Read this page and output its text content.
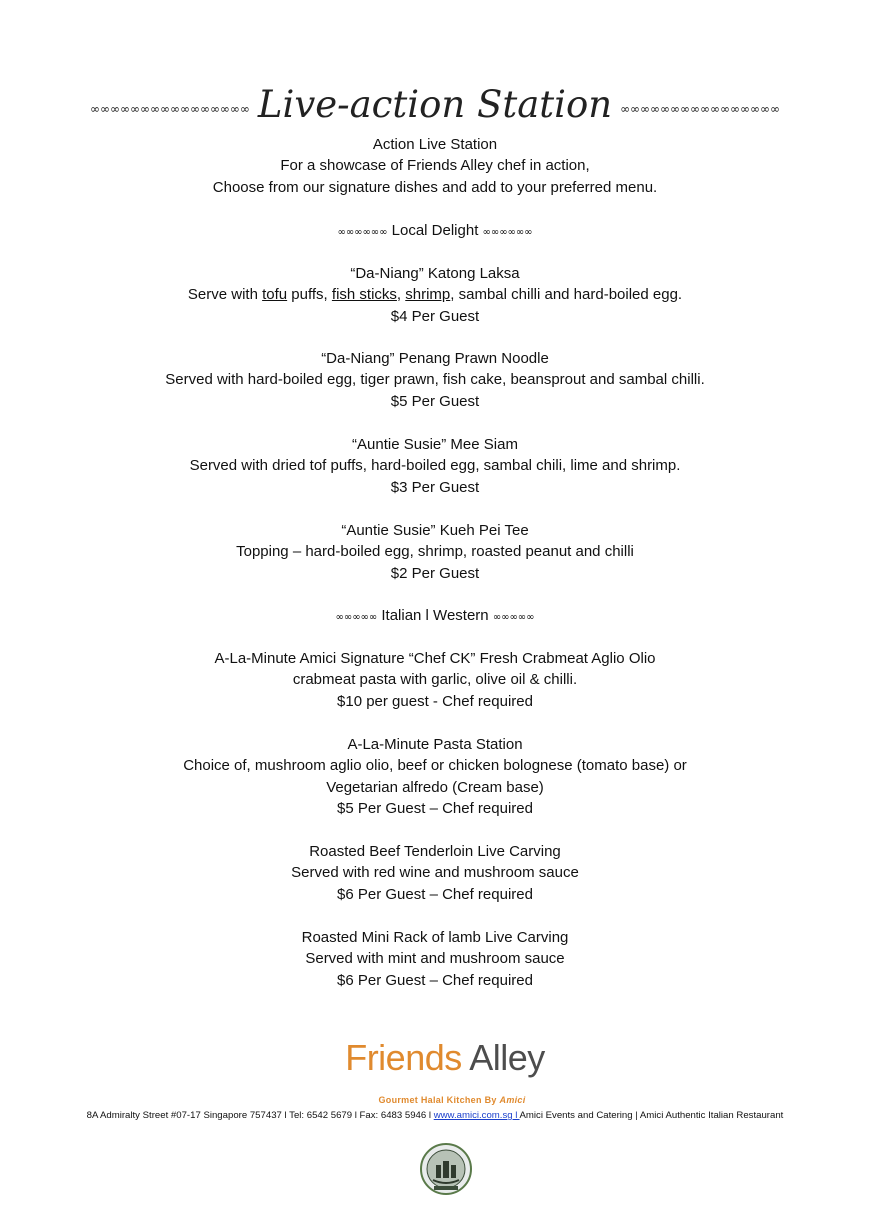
∞∞∞∞∞∞∞∞∞∞∞∞∞∞∞∞ Live-action Station ∞∞∞∞∞∞∞∞∞∞∞∞∞∞∞∞
Action Live Station
For a showcase of Friends Alley chef in action,
Choose from our signature dishes and add to your preferred menu.
∞∞∞∞∞∞ Local Delight ∞∞∞∞∞∞
“Da-Niang” Katong Laksa
Serve with tofu puffs, fish sticks, shrimp, sambal chilli and hard-boiled egg.
$4 Per Guest
“Da-Niang” Penang Prawn Noodle
Served with hard-boiled egg, tiger prawn, fish cake, beansprout and sambal chilli.
$5 Per Guest
“Auntie Susie” Mee Siam
Served with dried tof puffs, hard-boiled egg, sambal chili, lime and shrimp.
$3 Per Guest
“Auntie Susie” Kueh Pei Tee
Topping – hard-boiled egg, shrimp, roasted peanut and chilli
$2 Per Guest
∞∞∞∞∞ Italian l Western ∞∞∞∞∞
A-La-Minute Amici Signature “Chef CK” Fresh Crabmeat Aglio Olio
crabmeat pasta with garlic, olive oil & chilli.
$10 per guest - Chef required
A-La-Minute Pasta Station
Choice of, mushroom aglio olio, beef or chicken bolognese (tomato base) or
Vegetarian alfredo (Cream base)
$5 Per Guest – Chef required
Roasted Beef Tenderloin Live Carving
Served with red wine and mushroom sauce
$6 Per Guest – Chef required
Roasted Mini Rack of lamb Live Carving
Served with mint and mushroom sauce
$6 Per Guest – Chef required
Friends Alley
Gourmet Halal Kitchen By Amici
8A Admiralty Street #07-17 Singapore 757437 l Tel: 6542 5679 l Fax: 6483 5946 l www.amici.com.sg l Amici Events and Catering | Amici Authentic Italian Restaurant
